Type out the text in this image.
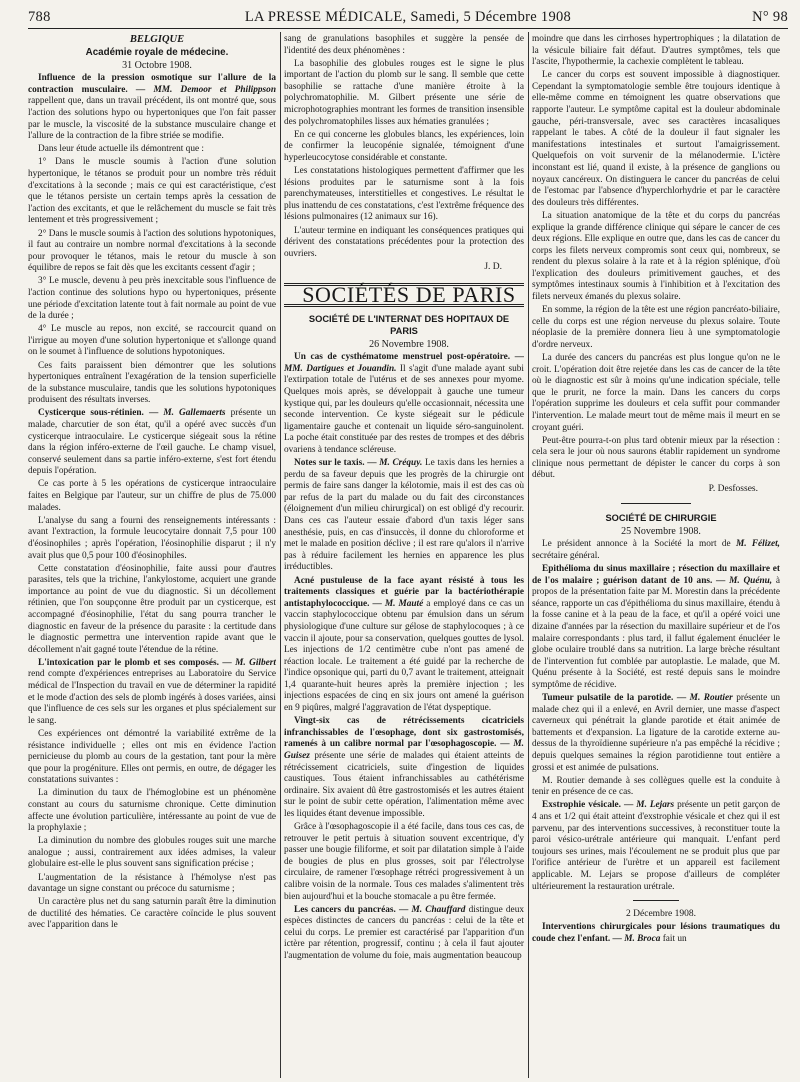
788	LA PRESSE MÉDICALE, Samedi, 5 Décembre 1908	N° 98

BELGIQUE

Académie royale de médecine.

31 Octobre 1908.

Influence de la pression osmotique sur l'allure de la contraction musculaire. — MM. Demoor et Philippson rappellent que, dans un travail précédent, ils ont montré que, sous l'action des solutions hypo ou hypertoniques que l'on fait passer par le muscle, la viscosité de la substance musculaire change et l'allure de la contraction de la fibre striée se modifie.

Dans leur étude actuelle ils démontrent que :

1° Dans le muscle soumis à l'action d'une solution hypertonique, le tétanos se produit pour un nombre très réduit d'excitations à la seconde ; mais ce qui est caractéristique, c'est que le tétanos persiste un certain temps après la cessation de l'action des excitants, et que le relâchement du muscle se fait très lentement et très progressivement ;

2° Dans le muscle soumis à l'action des solutions hypotoniques, il faut au contraire un nombre normal d'excitations à la seconde pour provoquer le tétanos, mais le retour du muscle à son équilibre de repos se fait dès que les excitants cessent d'agir ;

3° Le muscle, devenu à peu près inexcitable sous l'influence de l'action continue des solutions hypo ou hypertoniques, présente une période d'excitation latente tout à fait normale au point de vue de la durée ;

4° Le muscle au repos, non excité, se raccourcit quand on l'irrigue au moyen d'une solution hypertonique et s'allonge quand on le soumet à l'influence de solutions hypotoniques.

Ces faits paraissent bien démontrer que les solutions hypertoniques entraînent l'exagération de la tension superficielle de la substance musculaire, tandis que les solutions hypotoniques produisent des résultats inverses.

Cysticerque sous-rétinien. — M. Gallemaerts présente un malade, charcutier de son état, qu'il a opéré avec succès d'un cysticerque intraoculaire. Le cysticerque siégeait sous la rétine dans la région inféro-externe de l'œil gauche. Le champ visuel, conservé seulement dans sa partie inféro-externe, s'est fort étendu depuis l'opération.

Ce cas porte à 5 les opérations de cysticerque intraoculaire faites en Belgique par l'auteur, sur un chiffre de plus de 75.000 malades.

L'analyse du sang a fourni des renseignements intéressants : avant l'extraction, la formule leucocytaire donnait 7,5 pour 100 d'éosinophiles ; après l'opération, l'éosinophilie disparut ; il n'y avait plus que 0,5 pour 100 d'éosinophiles.

Cette constatation d'éosinophilie, faite aussi pour d'autres parasites, tels que la trichine, l'ankylostome, acquiert une grande importance au point de vue du diagnostic. Si un décollement rétinien, que l'on soupçonne être produit par un cysticerque, est accompagné d'éosinophilie, l'état du sang pourra trancher le diagnostic en faveur de la présence du parasite : la certitude dans le diagnostic permettra une intervention rapide avant que le décollement n'ait gagné toute l'étendue de la rétine.

L'intoxication par le plomb et ses composés. — M. Gilbert rend compte d'expériences entreprises au Laboratoire du Service médical de l'Inspection du travail en vue de déterminer la rapidité et le mode d'action des sels de plomb ingérés à doses variées, ainsi que l'influence de ces sels sur les organes et plus spécialement sur le sang.

Ces expériences ont démontré la variabilité extrême de la résistance individuelle ; elles ont mis en évidence l'action pernicieuse du plomb au cours de la gestation, tant pour la mère que pour la progéniture. Elles ont permis, en outre, de dégager les constatations suivantes :

La diminution du taux de l'hémoglobine est un phénomène constant au cours du saturnisme chronique. Cette diminution affecte une évolution particulière, intéressante au point de vue de la prophylaxie ;

La diminution du nombre des globules rouges suit une marche analogue ; aussi, contrairement aux idées admises, la valeur globulaire est-elle le plus souvent sans signification précise ;

L'augmentation de la résistance à l'hémolyse n'est pas davantage un signe constant ou précoce du saturnisme ;

Un caractère plus net du sang saturnin paraît être la diminution de ductilité des hématies. Ce caractère coïncide le plus souvent avec l'apparition dans le

sang de granulations basophiles et suggère la pensée de l'identité des deux phénomènes :

La basophilie des globules rouges est le signe le plus important de l'action du plomb sur le sang. Il semble que cette basophilie se rattache d'une manière étroite à la polychromatophilie. M. Gilbert présente une série de microphotographies montrant les formes de transition insensible des polychromatophiles lisses aux hématies granulées ;

En ce qui concerne les globules blancs, les expériences, loin de confirmer la leucopénie signalée, témoignent d'une hyperleucocytose considérable et constante.

Les constatations histologiques permettent d'affirmer que les lésions produites par le saturnisme sont à la fois parenchymateuses, interstitielles et congestives. Le résultat le plus inattendu de ces constatations, c'est l'extrême fréquence des lésions pulmonaires (12 animaux sur 16).

L'auteur termine en indiquant les conséquences pratiques qui dérivent des constatations précédentes pour la protection des ouvriers.

J. D.

SOCIÉTÉS DE PARIS

SOCIÉTÉ DE L'INTERNAT DES HOPITAUX DE PARIS

26 Novembre 1908.

Un cas de cysthématome menstruel post-opératoire. — MM. Dartigues et Jouandin. Il s'agit d'une malade ayant subi l'extirpation totale de l'utérus et de ses annexes pour myome. Quelques mois après, se développait à gauche une tumeur kystique qui, par les douleurs qu'elle occasionnait, nécessita une seconde intervention. Ce kyste siégeait sur le pédicule ligamentaire gauche et contenait un liquide séro-sanguinolent. La poche était constituée par des restes de trompes et des débris ovariens à tendance scléreuse.

Notes sur le taxis. — M. Créquy. Le taxis dans les hernies a perdu de sa faveur depuis que les progrès de la chirurgie ont permis de faire sans danger la kélotomie, mais il est des cas où par refus de la part du malade ou du fait des circonstances (éloignement d'un milieu chirurgical) on est obligé d'y recourir. Dans ces cas l'auteur essaie d'abord d'un taxis léger sans anesthésie, puis, en cas d'insuccès, il donne du chloroforme et met le malade en position déclive ; il est rare qu'alors il n'arrive pas à réduire facilement les hernies en apparence les plus irréductibles.

Acné pustuleuse de la face ayant résisté à tous les traitements classiques et guérie par la bactériothérapie antistaphylococcique. — M. Mauté a employé dans ce cas un vaccin staphylococcique obtenu par émulsion dans un sérum physiologique d'une culture sur gélose de staphylocoques ; à ce vaccin il ajoute, pour sa conservation, quelques gouttes de lysol. Les injections de 1/2 centimètre cube n'ont pas amené de réaction locale. Le traitement a été guidé par la recherche de l'indice opsonique qui, parti du 0,7 avant le traitement, atteignait 1,4 quarante-huit heures après la première injection ; les injections espacées de cinq en six jours ont amené la guérison en 9 piqûres, malgré l'aggravation de l'état dyspeptique.

Vingt-six cas de rétrécissements cicatriciels infranchissables de l'œsophage, dont six gastrostomisés, ramenés à un calibre normal par l'œsophagoscopie. — M. Guisez présente une série de malades qui étaient atteints de rétrécissement cicatriciels, suite d'ingestion de liquides caustiques. Tous étaient infranchissables au cathétérisme ordinaire. Six avaient dû être gastrostomisés et les autres étaient sur le point de subir cette opération, l'alimentation même avec les liquides étant devenue impossible.

Grâce à l'œsophagoscopie il a été facile, dans tous ces cas, de retrouver le petit pertuis à situation souvent excentrique, d'y passer une bougie filiforme, et soit par dilatation simple à l'aide de bougies de plus en plus grosses, soit par l'électrolyse circulaire, de ramener l'œsophage rétréci progressivement à un calibre voisin de la normale. Tous ces malades s'alimentent très bien aujourd'hui et la bouche stomacale a pu être fermée.

Les cancers du pancréas. — M. Chauffard distingue deux espèces distinctes de cancers du pancréas : celui de la tête et celui du corps. Le premier est caractérisé par l'apparition d'un ictère par rétention, progressif, continu ; à cela il faut ajouter l'augmentation de volume du foie, mais augmentation beaucoup

moindre que dans les cirrhoses hypertrophiques ; la dilatation de la vésicule biliaire fait défaut. D'autres symptômes, tels que l'ascite, l'hypothermie, la cachexie complètent le tableau.

Le cancer du corps est souvent impossible à diagnostiquer. Cependant la symptomatologie semble être toujours identique à elle-même comme en témoignent les quatre observations que rapporte l'auteur. Le symptôme capital est la douleur abdominale gauche, péri-transversale, avec ses caractères incasaliques rappelant le tabes. A côté de la douleur il faut signaler les manifestations intestinales et surtout l'amaigrissement. Quelquefois on voit survenir de la mélanodermie. L'ictère inconstant est lié, quand il existe, à la présence de ganglions ou noyaux cancéreux. On distinguera le cancer du pancréas de celui de l'estomac par l'absence d'hyperchlorhydrie et par le caractère des douleurs très différentes.

La situation anatomique de la tête et du corps du pancréas explique la grande différence clinique qui sépare le cancer de ces deux régions. Elle explique en outre que, dans les cas de cancer du corps les filets nerveux compromis sont ceux qui, nombreux, se rendent du plexus solaire à la rate et à la région splénique, d'où l'explication des douleurs primitivement gauches, et des symptômes intestinaux soumis à l'inhibition et à l'excitation des filets nerveux émanés du plexus solaire.

En somme, la région de la tête est une région pancréato-biliaire, celle du corps est une région nerveuse du plexus solaire. Toute néoplasie de la première donnera lieu à une symptomatologie d'ordre nerveux.

La durée des cancers du pancréas est plus longue qu'on ne le croit. L'opération doit être rejetée dans les cas de cancer de la tête où le diagnostic est sûr à moins qu'une indication spéciale, telle que le prurit, ne force la main. Dans les cancers du corps l'opération supprime les douleurs et cela suffit pour commander l'intervention. Le malade meurt tout de même mais il meurt en se croyant guéri.

Peut-être pourra-t-on plus tard obtenir mieux par la résection : cela sera le jour où nous saurons établir rapidement un syndrome clinique nous permettant de dépister le cancer du corps à son début.

P. Desfosses.

SOCIÉTÉ DE CHIRURGIE

25 Novembre 1908.

Le président annonce à la Société la mort de M. Félizet, secrétaire général.

Epithélioma du sinus maxillaire ; résection du maxillaire et de l'os malaire ; guérison datant de 10 ans. — M. Quénu, à propos de la présentation faite par M. Morestin dans la précédente séance, rapporte un cas d'épithélioma du sinus maxillaire, étendu à la fosse canine et à la peau de la face, et qu'il a opéré voici une dizaine d'années par la résection du maxillaire supérieur et de l'os malaire correspondants : plus tard, il fallut également énucléer le globe oculaire troublé dans sa nutrition. La large brèche résultant de l'intervention fut comblée par autoplastie. Le malade, que M. Quénu présente à la Société, est resté depuis sans le moindre symptôme de récidive.

Tumeur pulsatile de la parotide. — M. Routier présente un malade chez qui il a enlevé, en Avril dernier, une masse d'aspect caverneux qui pénétrait la glande parotide et était animée de battements et d'expansion. La ligature de la carotide externe au-dessus de la thyroïdienne supérieure n'a pas empêché la récidive ; depuis quelques semaines la région parotidienne tout entière a grossi et est animée de pulsations.

M. Routier demande à ses collègues quelle est la conduite à tenir en présence de ce cas.

Exstrophie vésicale. — M. Lejars présente un petit garçon de 4 ans et 1/2 qui était atteint d'exstrophie vésicale et chez qui il est parvenu, par des interventions successives, à reconstituer toute la paroi vésico-urétrale antérieure qui manquait. L'enfant perd toujours ses urines, mais l'écoulement ne se produit plus que par l'orifice antérieur de l'urètre et un appareil est facilement applicable. M. Lejars se propose d'ailleurs de compléter ultérieurement la restauration urétrale.

2 Décembre 1908.

Interventions chirurgicales pour lésions traumatiques du coude chez l'enfant. — M. Broca fait un
